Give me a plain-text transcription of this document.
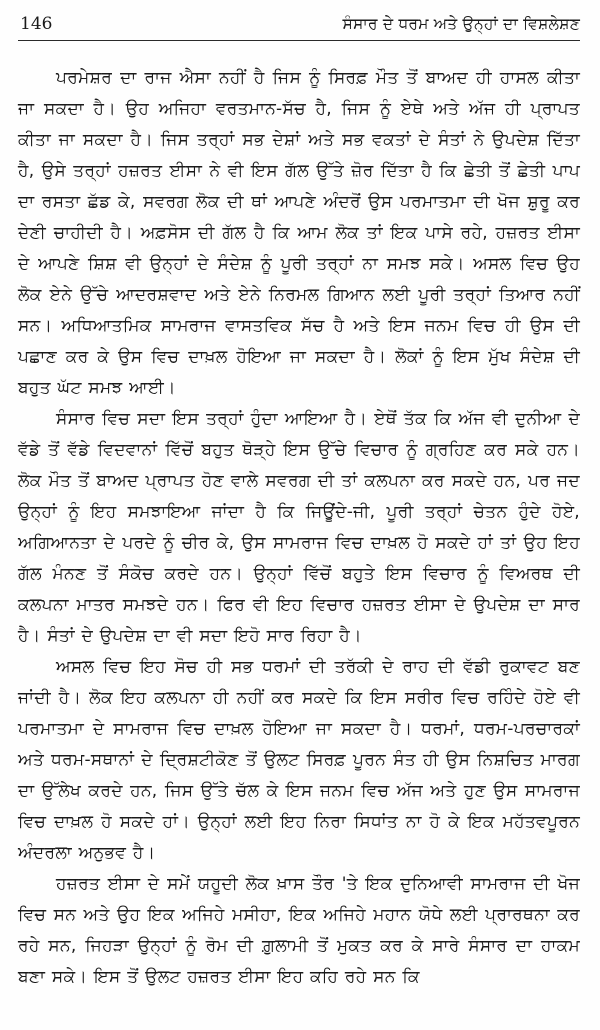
146	ਸੰਸਾਰ ਦੇ ਧਰਮ ਅਤੇ ਉਨ੍ਹਾਂ ਦਾ ਵਿਸ਼ਲੇਸ਼ਣ

ਪਰਮੇਸ਼ਰ ਦਾ ਰਾਜ ਐਸਾ ਨਹੀਂ ਹੈ ਜਿਸ ਨੂੰ ਸਿਰਫ਼ ਮੌਤ ਤੋਂ ਬਾਅਦ ਹੀ ਹਾਸਲ ਕੀਤਾ ਜਾ ਸਕਦਾ ਹੈ। ਉਹ ਅਜਿਹਾ ਵਰਤਮਾਨ-ਸੱਚ ਹੈ, ਜਿਸ ਨੂੰ ਏਥੇ ਅਤੇ ਅੱਜ ਹੀ ਪ੍ਰਾਪਤ ਕੀਤਾ ਜਾ ਸਕਦਾ ਹੈ। ਜਿਸ ਤਰ੍ਹਾਂ ਸਭ ਦੇਸ਼ਾਂ ਅਤੇ ਸਭ ਵਕਤਾਂ ਦੇ ਸੰਤਾਂ ਨੇ ਉਪਦੇਸ਼ ਦਿੱਤਾ ਹੈ, ਉਸੇ ਤਰ੍ਹਾਂ ਹਜ਼ਰਤ ਈਸਾ ਨੇ ਵੀ ਇਸ ਗੱਲ ਉੱਤੇ ਜ਼ੋਰ ਦਿੱਤਾ ਹੈ ਕਿ ਛੇਤੀ ਤੋਂ ਛੇਤੀ ਪਾਪ ਦਾ ਰਸਤਾ ਛੱਡ ਕੇ, ਸਵਰਗ ਲੋਕ ਦੀ ਥਾਂ ਆਪਣੇ ਅੰਦਰੋਂ ਉਸ ਪਰਮਾਤਮਾ ਦੀ ਖੋਜ ਸ਼ੁਰੂ ਕਰ ਦੇਣੀ ਚਾਹੀਦੀ ਹੈ। ਅਫ਼ਸੋਸ ਦੀ ਗੱਲ ਹੈ ਕਿ ਆਮ ਲੋਕ ਤਾਂ ਇਕ ਪਾਸੇ ਰਹੇ, ਹਜ਼ਰਤ ਈਸਾ ਦੇ ਆਪਣੇ ਸ਼ਿਸ਼ ਵੀ ਉਨ੍ਹਾਂ ਦੇ ਸੰਦੇਸ਼ ਨੂੰ ਪੂਰੀ ਤਰ੍ਹਾਂ ਨਾ ਸਮਝ ਸਕੇ। ਅਸਲ ਵਿਚ ਉਹ ਲੋਕ ਏਨੇ ਉੱਚੇ ਆਦਰਸ਼ਵਾਦ ਅਤੇ ਏਨੇ ਨਿਰਮਲ ਗਿਆਨ ਲਈ ਪੂਰੀ ਤਰ੍ਹਾਂ ਤਿਆਰ ਨਹੀਂ ਸਨ। ਅਧਿਆਤਮਿਕ ਸਾਮਰਾਜ ਵਾਸਤਵਿਕ ਸੱਚ ਹੈ ਅਤੇ ਇਸ ਜਨਮ ਵਿਚ ਹੀ ਉਸ ਦੀ ਪਛਾਣ ਕਰ ਕੇ ਉਸ ਵਿਚ ਦਾਖ਼ਲ ਹੋਇਆ ਜਾ ਸਕਦਾ ਹੈ। ਲੋਕਾਂ ਨੂੰ ਇਸ ਮੁੱਖ ਸੰਦੇਸ਼ ਦੀ ਬਹੁਤ ਘੱਟ ਸਮਝ ਆਈ।

ਸੰਸਾਰ ਵਿਚ ਸਦਾ ਇਸ ਤਰ੍ਹਾਂ ਹੁੰਦਾ ਆਇਆ ਹੈ। ਏਥੋਂ ਤੱਕ ਕਿ ਅੱਜ ਵੀ ਦੁਨੀਆ ਦੇ ਵੱਡੇ ਤੋਂ ਵੱਡੇ ਵਿਦਵਾਨਾਂ ਵਿੱਚੋਂ ਬਹੁਤ ਥੋੜ੍ਹੇ ਇਸ ਉੱਚੇ ਵਿਚਾਰ ਨੂੰ ਗ੍ਰਹਿਣ ਕਰ ਸਕੇ ਹਨ। ਲੋਕ ਮੌਤ ਤੋਂ ਬਾਅਦ ਪ੍ਰਾਪਤ ਹੋਣ ਵਾਲੇ ਸਵਰਗ ਦੀ ਤਾਂ ਕਲਪਨਾ ਕਰ ਸਕਦੇ ਹਨ, ਪਰ ਜਦ ਉਨ੍ਹਾਂ ਨੂੰ ਇਹ ਸਮਝਾਇਆ ਜਾਂਦਾ ਹੈ ਕਿ ਜਿਊਂਦੇ-ਜੀ, ਪੂਰੀ ਤਰ੍ਹਾਂ ਚੇਤਨ ਹੁੰਦੇ ਹੋਏ, ਅਗਿਆਨਤਾ ਦੇ ਪਰਦੇ ਨੂੰ ਚੀਰ ਕੇ, ਉਸ ਸਾਮਰਾਜ ਵਿਚ ਦਾਖ਼ਲ ਹੋ ਸਕਦੇ ਹਾਂ ਤਾਂ ਉਹ ਇਹ ਗੱਲ ਮੰਨਣ ਤੋਂ ਸੰਕੋਚ ਕਰਦੇ ਹਨ। ਉਨ੍ਹਾਂ ਵਿੱਚੋਂ ਬਹੁਤੇ ਇਸ ਵਿਚਾਰ ਨੂੰ ਵਿਅਰਥ ਦੀ ਕਲਪਨਾ ਮਾਤਰ ਸਮਝਦੇ ਹਨ। ਫਿਰ ਵੀ ਇਹ ਵਿਚਾਰ ਹਜ਼ਰਤ ਈਸਾ ਦੇ ਉਪਦੇਸ਼ ਦਾ ਸਾਰ ਹੈ। ਸੰਤਾਂ ਦੇ ਉਪਦੇਸ਼ ਦਾ ਵੀ ਸਦਾ ਇਹੋ ਸਾਰ ਰਿਹਾ ਹੈ।

ਅਸਲ ਵਿਚ ਇਹ ਸੋਚ ਹੀ ਸਭ ਧਰਮਾਂ ਦੀ ਤਰੱਕੀ ਦੇ ਰਾਹ ਦੀ ਵੱਡੀ ਰੁਕਾਵਟ ਬਣ ਜਾਂਦੀ ਹੈ। ਲੋਕ ਇਹ ਕਲਪਨਾ ਹੀ ਨਹੀਂ ਕਰ ਸਕਦੇ ਕਿ ਇਸ ਸਰੀਰ ਵਿਚ ਰਹਿੰਦੇ ਹੋਏ ਵੀ ਪਰਮਾਤਮਾ ਦੇ ਸਾਮਰਾਜ ਵਿਚ ਦਾਖ਼ਲ ਹੋਇਆ ਜਾ ਸਕਦਾ ਹੈ। ਧਰਮਾਂ, ਧਰਮ-ਪਰਚਾਰਕਾਂ ਅਤੇ ਧਰਮ-ਸਥਾਨਾਂ ਦੇ ਦ੍ਰਿਸ਼ਟੀਕੋਣ ਤੋਂ ਉਲਟ ਸਿਰਫ਼ ਪੂਰਨ ਸੰਤ ਹੀ ਉਸ ਨਿਸ਼ਚਿਤ ਮਾਰਗ ਦਾ ਉੱਲੇਖ ਕਰਦੇ ਹਨ, ਜਿਸ ਉੱਤੇ ਚੱਲ ਕੇ ਇਸ ਜਨਮ ਵਿਚ ਅੱਜ ਅਤੇ ਹੁਣ ਉਸ ਸਾਮਰਾਜ ਵਿਚ ਦਾਖ਼ਲ ਹੋ ਸਕਦੇ ਹਾਂ। ਉਨ੍ਹਾਂ ਲਈ ਇਹ ਨਿਰਾ ਸਿਧਾਂਤ ਨਾ ਹੋ ਕੇ ਇਕ ਮਹੱਤਵਪੂਰਨ ਅੰਦਰਲਾ ਅਨੁਭਵ ਹੈ।

ਹਜ਼ਰਤ ਈਸਾ ਦੇ ਸਮੇਂ ਯਹੂਦੀ ਲੋਕ ਖ਼ਾਸ ਤੌਰ 'ਤੇ ਇਕ ਦੁਨਿਆਵੀ ਸਾਮਰਾਜ ਦੀ ਖੋਜ ਵਿਚ ਸਨ ਅਤੇ ਉਹ ਇਕ ਅਜਿਹੇ ਮਸੀਹਾ, ਇਕ ਅਜਿਹੇ ਮਹਾਨ ਯੋਧੇ ਲਈ ਪ੍ਰਾਰਥਨਾ ਕਰ ਰਹੇ ਸਨ, ਜਿਹੜਾ ਉਨ੍ਹਾਂ ਨੂੰ ਰੋਮ ਦੀ ਗ਼ੁਲਾਮੀ ਤੋਂ ਮੁਕਤ ਕਰ ਕੇ ਸਾਰੇ ਸੰਸਾਰ ਦਾ ਹਾਕਮ ਬਣਾ ਸਕੇ। ਇਸ ਤੋਂ ਉਲਟ ਹਜ਼ਰਤ ਈਸਾ ਇਹ ਕਹਿ ਰਹੇ ਸਨ ਕਿ
